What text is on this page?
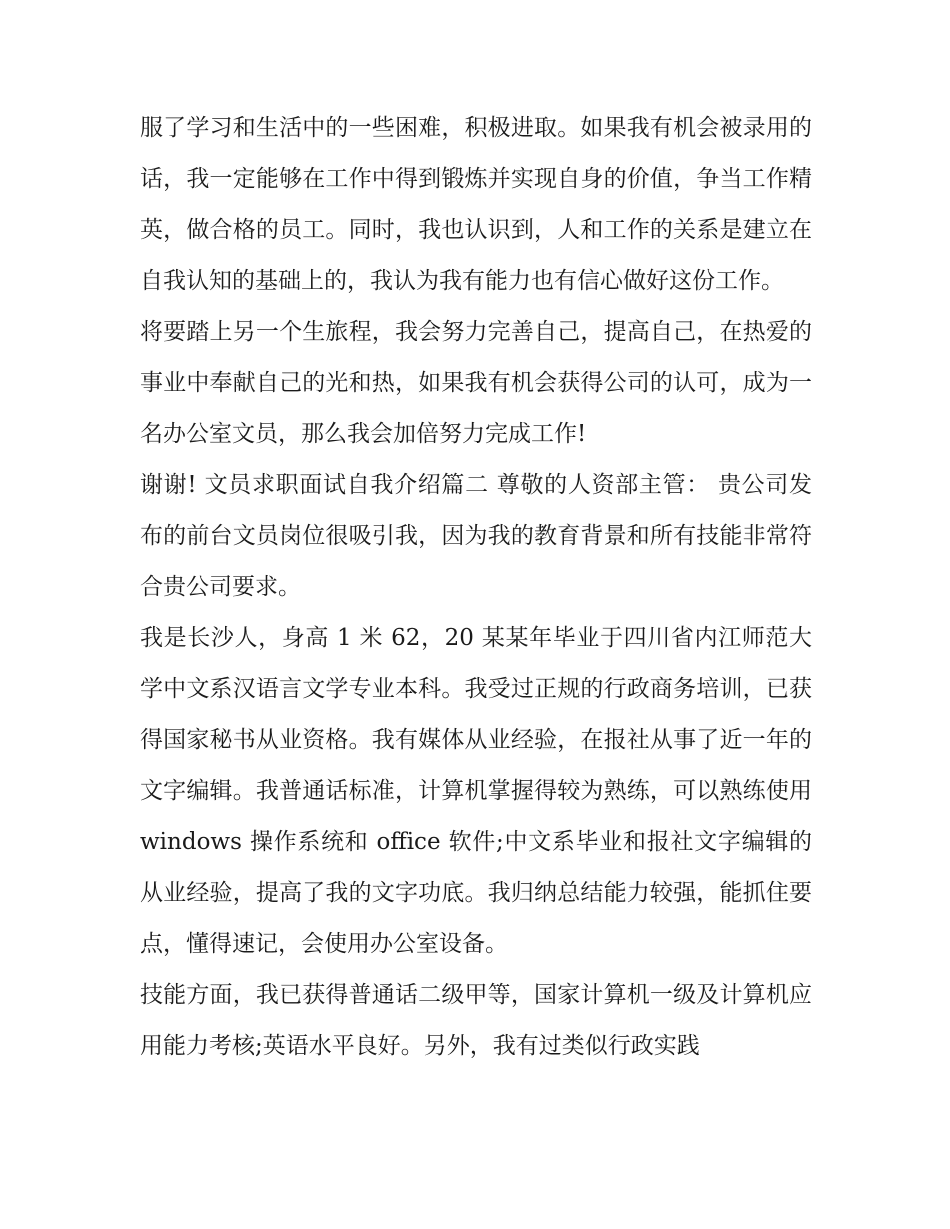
服了学习和生活中的一些困难，积极进取。如果我有机会被录用的话，我一定能够在工作中得到锻炼并实现自身的价值，争当工作精英，做合格的员工。同时，我也认识到，人和工作的关系是建立在自我认知的基础上的，我认为我有能力也有信心做好这份工作。

将要踏上另一个生旅程，我会努力完善自己，提高自己，在热爱的事业中奉献自己的光和热，如果我有机会获得公司的认可，成为一名办公室文员，那么我会加倍努力完成工作!

谢谢! 文员求职面试自我介绍篇二 尊敬的人资部主管： 贵公司发布的前台文员岗位很吸引我，因为我的教育背景和所有技能非常符合贵公司要求。

我是长沙人，身高 1 米 62，20 某某年毕业于四川省内江师范大学中文系汉语言文学专业本科。我受过正规的行政商务培训，已获得国家秘书从业资格。我有媒体从业经验，在报社从事了近一年的文字编辑。我普通话标准，计算机掌握得较为熟练，可以熟练使用 windows 操作系统和 office 软件;中文系毕业和报社文字编辑的从业经验，提高了我的文字功底。我归纳总结能力较强，能抓住要点，懂得速记，会使用办公室设备。

技能方面，我已获得普通话二级甲等，国家计算机一级及计算机应用能力考核;英语水平良好。另外，我有过类似行政实践
